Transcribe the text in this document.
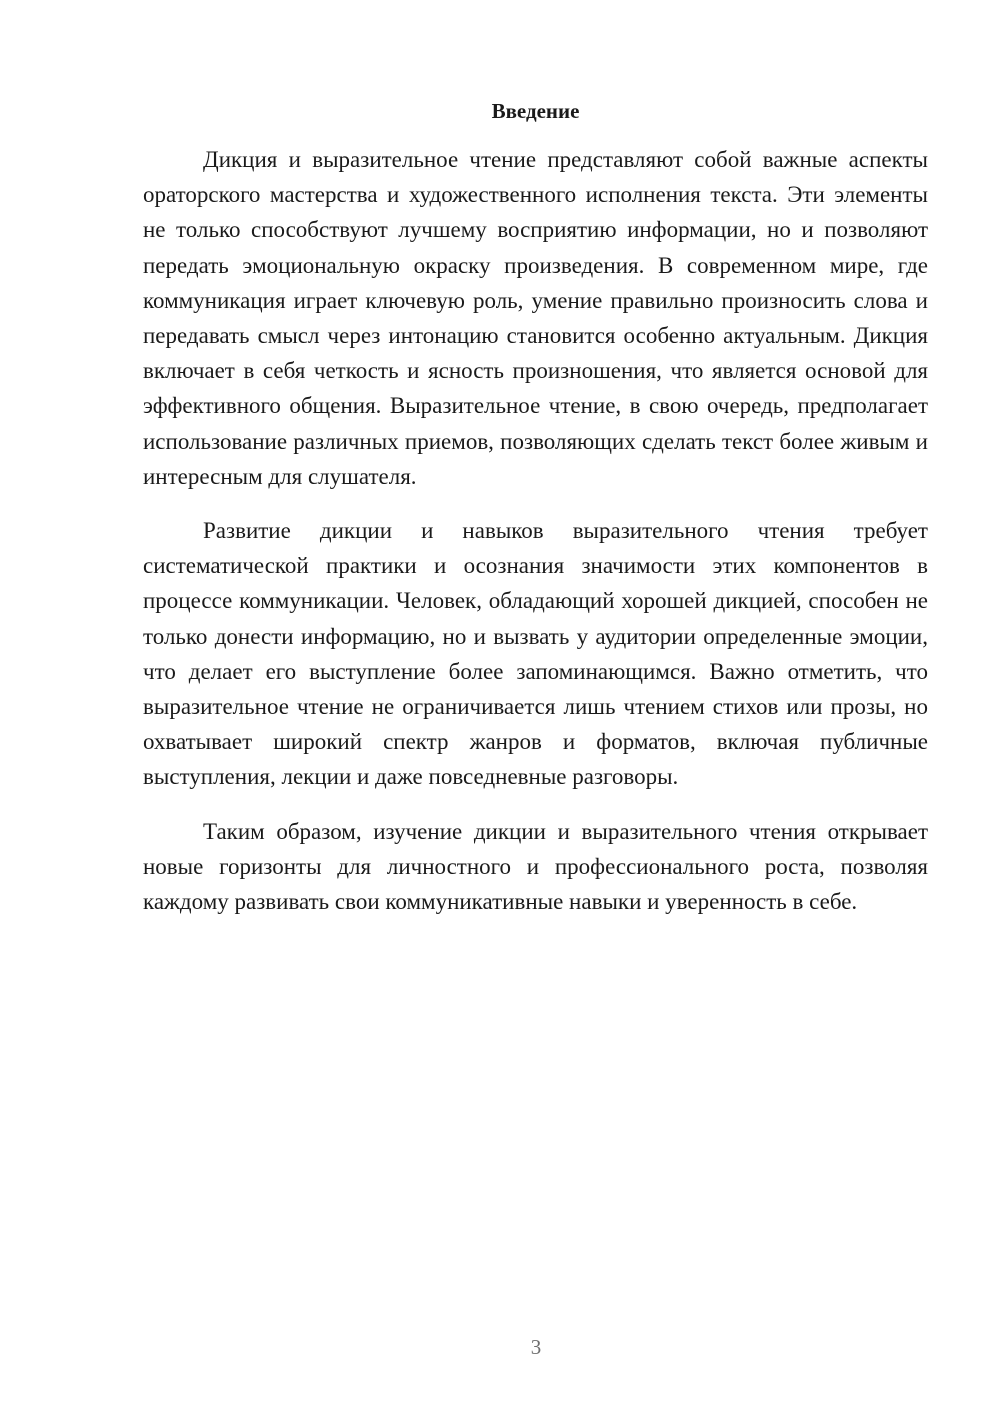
Введение

Дикция и выразительное чтение представляют собой важные аспекты ораторского мастерства и художественного исполнения текста. Эти элементы не только способствуют лучшему восприятию информации, но и позволяют передать эмоциональную окраску произведения. В современном мире, где коммуникация играет ключевую роль, умение правильно произносить слова и передавать смысл через интонацию становится особенно актуальным. Дикция включает в себя четкость и ясность произношения, что является основой для эффективного общения. Выразительное чтение, в свою очередь, предполагает использование различных приемов, позволяющих сделать текст более живым и интересным для слушателя.

Развитие дикции и навыков выразительного чтения требует систематической практики и осознания значимости этих компонентов в процессе коммуникации. Человек, обладающий хорошей дикцией, способен не только донести информацию, но и вызвать у аудитории определенные эмоции, что делает его выступление более запоминающимся. Важно отметить, что выразительное чтение не ограничивается лишь чтением стихов или прозы, но охватывает широкий спектр жанров и форматов, включая публичные выступления, лекции и даже повседневные разговоры.

Таким образом, изучение дикции и выразительного чтения открывает новые горизонты для личностного и профессионального роста, позволяя каждому развивать свои коммуникативные навыки и уверенность в себе.

3
